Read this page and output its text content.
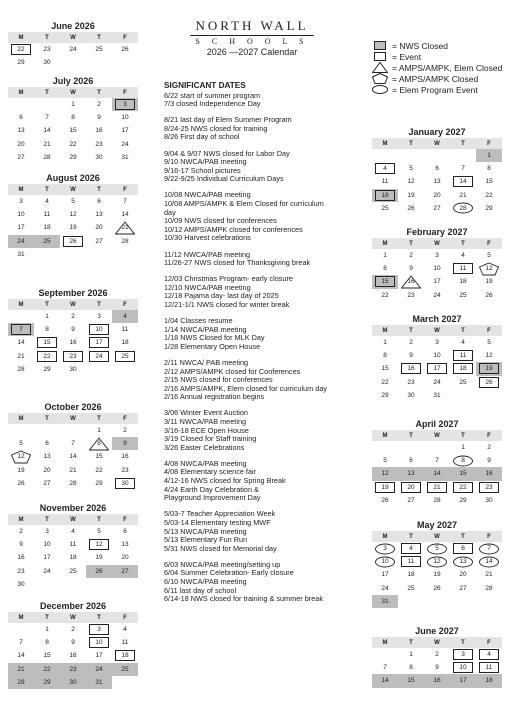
NORTH WALL
S C H O O L S
2026 —2027 Calendar
= NWS Closed
= Event
= AMPS/AMPK, Elem Closed
= AMPS/AMPK Closed
= Elem Program Event
SIGNIFICANT DATES
6/22 start of summer program
7/3 closed Independence Day
8/21 last day of Elem Summer Program
8/24-25 NWS closed for training
8/26 First day of school
9/04 & 9/07 NWS closed for Labor Day
9/10 NWCA/PAB meeting
9/16-17 School pictures
9/22-9/25 Individual Curriculum Days
10/08 NWCA/PAB meeting
10/08 AMPS/AMPK & Elem Closed for curriculum
day
10/09 NWS closed for conferences
10/12 AMPS/AMPK closed for conferences
10/30 Harvest celebrations
11/12 NWCA/PAB meeting
11/26-27 NWS closed for Thanksgiving break
12/03 Christmas Program- early closure
12/10 NWCA/PAB meeting
12/18 Pajama day- last day of 2025
12/21-1/1 NWS closed for winter break
1/04 Classes resume
1/14 NWCA/PAB meeting
1/18 NWS Closed for MLK Day
1/28 Elementary Open House
2/11 NWCA/ PAB meeting
2/12 AMPS/AMPK closed for Conferences
2/15 NWS closed for conferences
2/16 AMPS/AMPK, Elem closed for curriculum day
2/16 Annual registration begins
3/06 Winter Event Auction
3/11 NWCA/PAB meeting
3/16-18 ECE Open House
3/19 Closed for Staff training
3/26 Easter Celebrations
4/08 NWCA/PAB meeting
4/08 Elementary science fair
4/12-16 NWS closed for Spring Break
4/24 Earth Day Celebration &
Playground Improvement Day
5/03-7 Teacher Appreciation Week
5/03-14 Elementary testing MWF
5/13 NWCA/PAB meeting
5/13 Elementary Fun Run
5/31 NWS closed for Memorial day
6/03 NWCA/PAB meeting/setting up
6/04 Summer Celebration- Early closure
6/10 NWCA/PAB meeting
6/11 last day of school
6/14-18 NWS closed for training & summer break
June 2026
M	T	W	T	F
22	23	24	25	26
29	30			
July 2026
M	T	W	T	F
		1	2	3
6	7	8	9	10
13	14	15	16	17
20	21	22	23	24
27	28	29	30	31
August 2026
M	T	W	T	F
3	4	5	6	7
10	11	12	13	14
17	18	19	20	21
24	25	26	27	28
31				
September 2026
M	T	W	T	F
	1	2	3	4
7	8	9	10	11
14	15	16	17	18
21	22	23	24	25
28	29	30		
October 2026
M	T	W	T	F
			1	2
5	6	7	8	9

12	13	14	15	16
19	20	21	22	23
26	27	28	29	30
November 2026
M	T	W	T	F
2	3	4	5	6
9	10	11	12	13
16	17	18	19	20
23	24	25	26	27
30				
December 2026
M	T	W	T	F
	1	2	3	4
7	8	9	10	11
14	15	16	17	18
21	22	23	24	25
28	29	30	31	
January 2027
M	T	W	T	F
				1
4	5	6	7	8
11	12	13	14	15
18	19	20	21	22
25	26	27	28	29
February 2027
M	T	W	T	F
1	2	3	4	5
8	9	10	11	12
15	16	17	18	19
22	23	24	25	26
March 2027
M	T	W	T	F
1	2	3	4	5
8	9	10	11	12
15	16	17	18	19
22	23	24	25	26
29	30	31		
April 2027
M	T	W	T	F
			1	2
5	6	7	8	9
12	13	14	15	16
19	20	21	22	23
26	27	28	29	30
May 2027
M	T	W	T	F

3	4	5	6	7

10	11	12	13	14
17	18	19	20	21
24	25	26	27	28
31				
June 2027
M	T	W	T	F
	1	2	3	4
7	8	9	10	11
14	15	16	17	18
